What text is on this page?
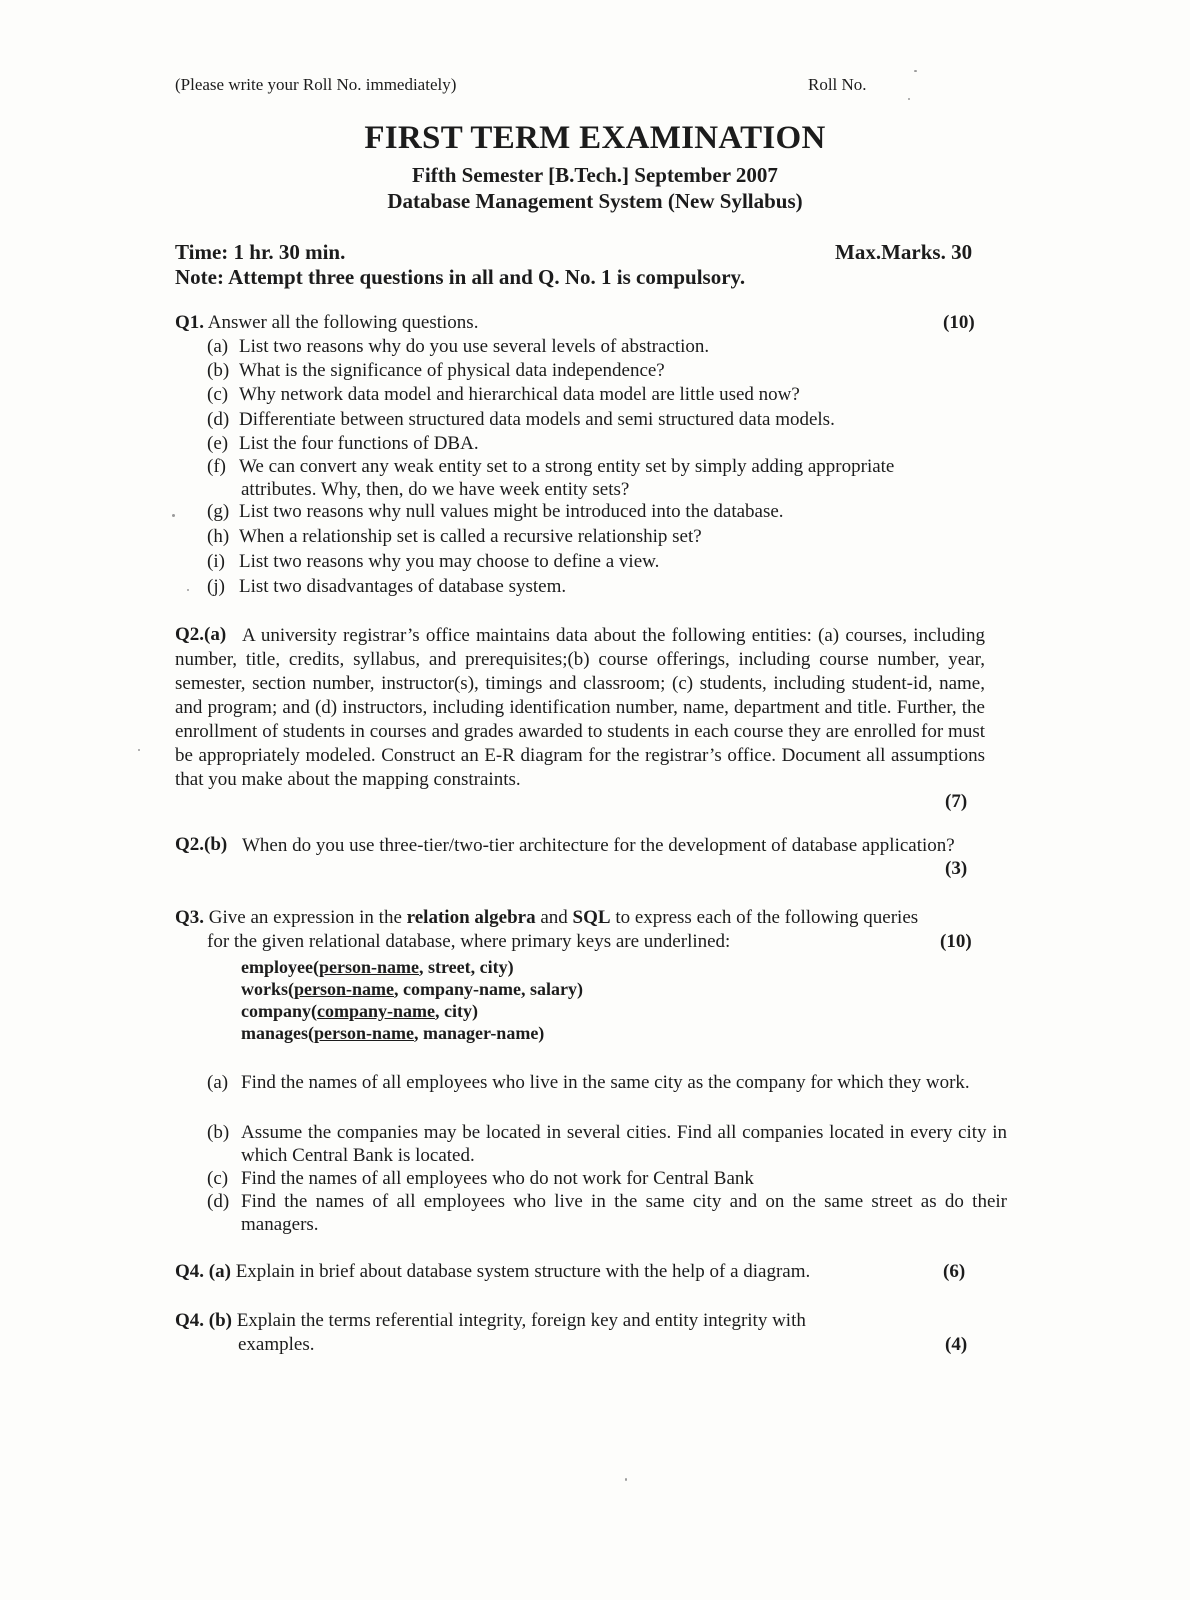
(Please write your Roll No. immediately)	Roll No.
FIRST TERM EXAMINATION
Fifth Semester [B.Tech.] September 2007
Database Management System (New Syllabus)
Time: 1 hr. 30 min.	Max.Marks. 30
Note: Attempt three questions in all and Q. No. 1 is compulsory.
Q1. Answer all the following questions.	(10)
(a) List two reasons why do you use several levels of abstraction.
(b) What is the significance of physical data independence?
(c) Why network data model and hierarchical data model are little used now?
(d) Differentiate between structured data models and semi structured data models.
(e) List the four functions of DBA.
(f) We can convert any weak entity set to a strong entity set by simply adding appropriate
attributes. Why, then, do we have week entity sets?
(g) List two reasons why null values might be introduced into the database.
(h) When a relationship set is called a recursive relationship set?
(i) List two reasons why you may choose to define a view.
(j) List two disadvantages of database system.
Q2.(a) A university registrar’s office maintains data about the following entities: (a) courses, including number, title, credits, syllabus, and prerequisites;(b) course offerings, including course number, year, semester, section number, instructor(s), timings and classroom; (c) students, including student-id, name, and program; and (d) instructors, including identification number, name, department and title. Further, the enrollment of students in courses and grades awarded to students in each course they are enrolled for must be appropriately modeled. Construct an E-R diagram for the registrar’s office. Document all assumptions that you make about the mapping constraints.
(7)
Q2.(b) When do you use three-tier/two-tier architecture for the development of database application?
(3)
Q3. Give an expression in the relation algebra and SQL to express each of the following queries
for the given relational database, where primary keys are underlined:	(10)
employee(person-name, street, city)
works(person-name, company-name, salary)
company(company-name, city)
manages(person-name, manager-name)
(a) Find the names of all employees who live in the same city as the company for which they work.
(b) Assume the companies may be located in several cities. Find all companies located in every city in which Central Bank is located.
(c) Find the names of all employees who do not work for Central Bank
(d) Find the names of all employees who live in the same city and on the same street as do their managers.
Q4. (a) Explain in brief about database system structure with the help of a diagram.	(6)
Q4. (b) Explain the terms referential integrity, foreign key and entity integrity with
examples.	(4)
